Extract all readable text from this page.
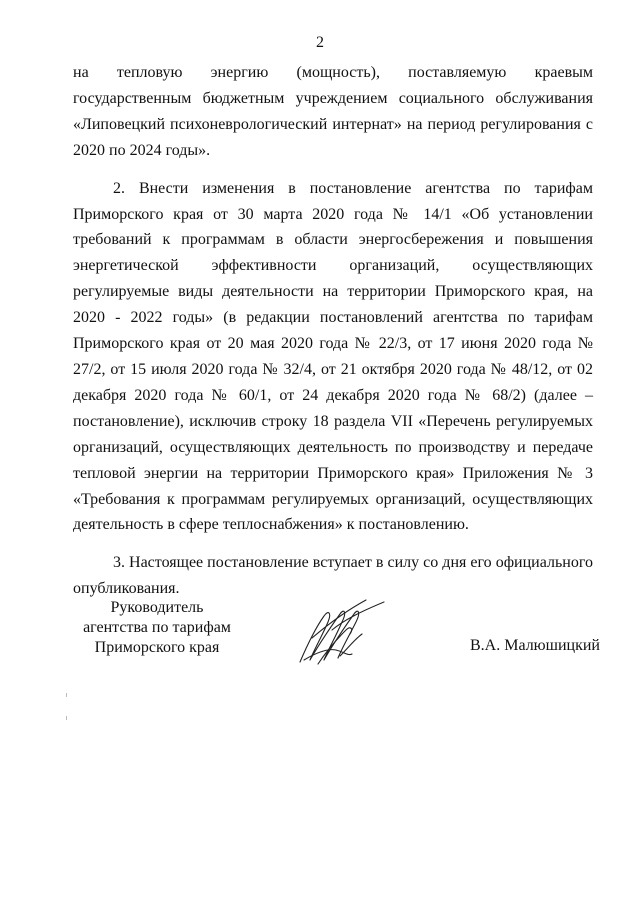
2

на тепловую энергию (мощность), поставляемую краевым государственным бюджетным учреждением социального обслуживания «Липовецкий психоневрологический интернат» на период регулирования с 2020 по 2024 годы».

2. Внести изменения в постановление агентства по тарифам Приморского края от 30 марта 2020 года № 14/1 «Об установлении требований к программам в области энергосбережения и повышения энергетической эффективности организаций, осуществляющих регулируемые виды деятельности на территории Приморского края, на 2020 - 2022 годы» (в редакции постановлений агентства по тарифам Приморского края от 20 мая 2020 года № 22/3, от 17 июня 2020 года № 27/2, от 15 июля 2020 года № 32/4, от 21 октября 2020 года № 48/12, от 02 декабря 2020 года № 60/1, от 24 декабря 2020 года № 68/2) (далее – постановление), исключив строку 18 раздела VII «Перечень регулируемых организаций, осуществляющих деятельность по производству и передаче тепловой энергии на территории Приморского края» Приложения № 3 «Требования к программам регулируемых организаций, осуществляющих деятельность в сфере теплоснабжения» к постановлению.

3. Настоящее постановление вступает в силу со дня его официального опубликования.

Руководитель
агентства по тарифам
Приморского края	В.А. Малюшицкий
